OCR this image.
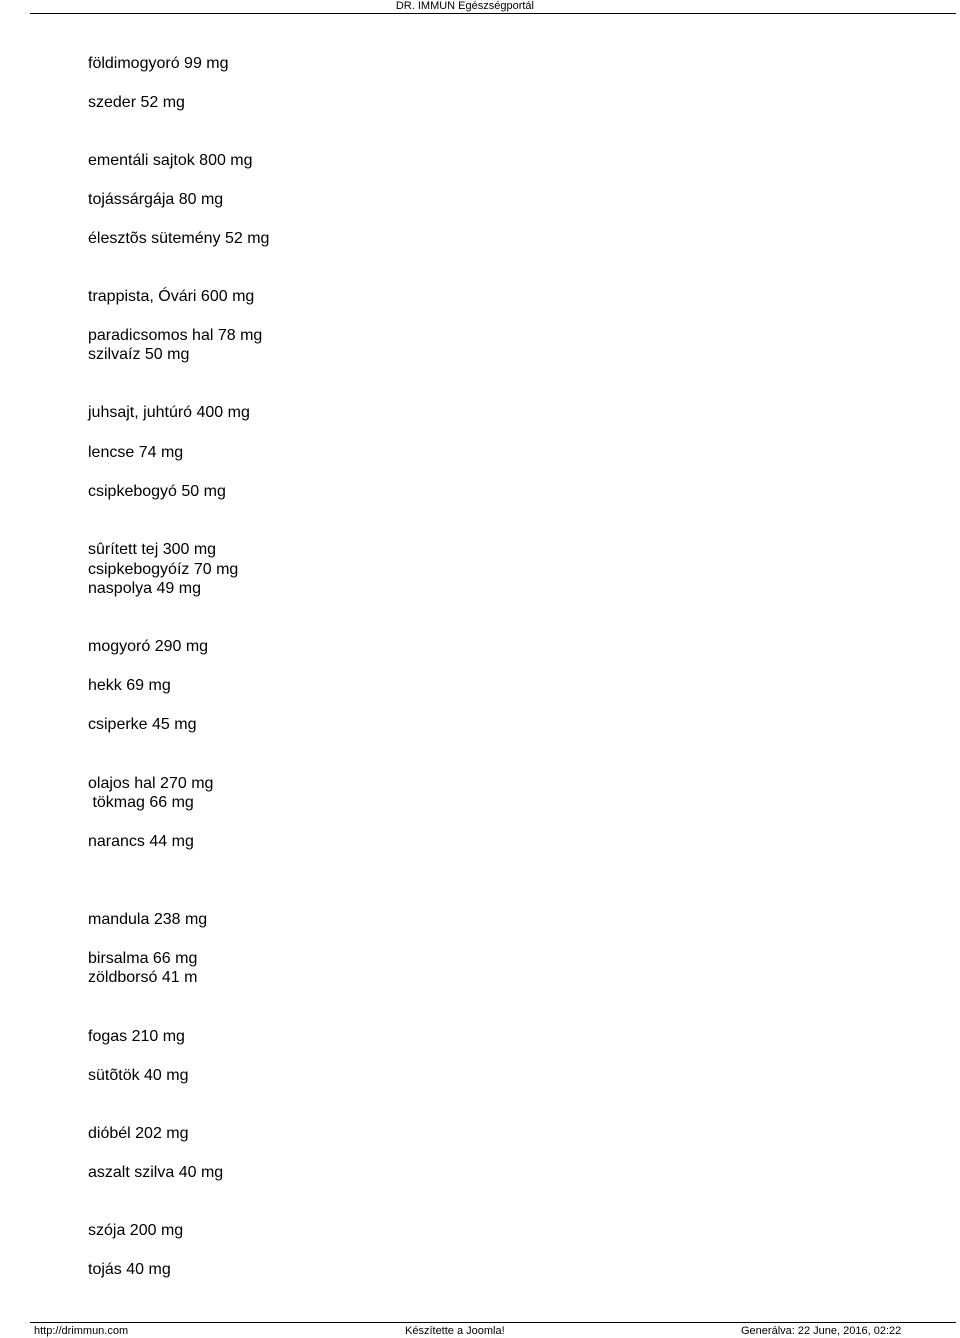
DR. IMMUN Egészségportál
földimogyoró 99 mg
szeder 52 mg
ementáli sajtok 800 mg
tojássárgája 80 mg
élesztõs sütemény 52 mg
trappista, Óvári 600 mg
paradicsomos hal 78 mg
szilvaíz 50 mg
juhsajt, juhtúró 400 mg
lencse 74 mg
csipkebogyó 50 mg
sûrített tej 300 mg
csipkebogyóíz 70 mg
naspolya 49 mg
mogyoró 290 mg
hekk 69 mg
csiperke 45 mg
olajos hal 270 mg
tökmag 66 mg
narancs 44 mg
mandula 238 mg
birsalma 66 mg
zöldborsó 41 m
fogas 210 mg
sütõtök 40 mg
dióbél 202 mg
aszalt szilva 40 mg
szója 200 mg
tojás 40 mg
http://drimmun.com	Készítette a Joomla!	Generálva: 22 June, 2016, 02:22
